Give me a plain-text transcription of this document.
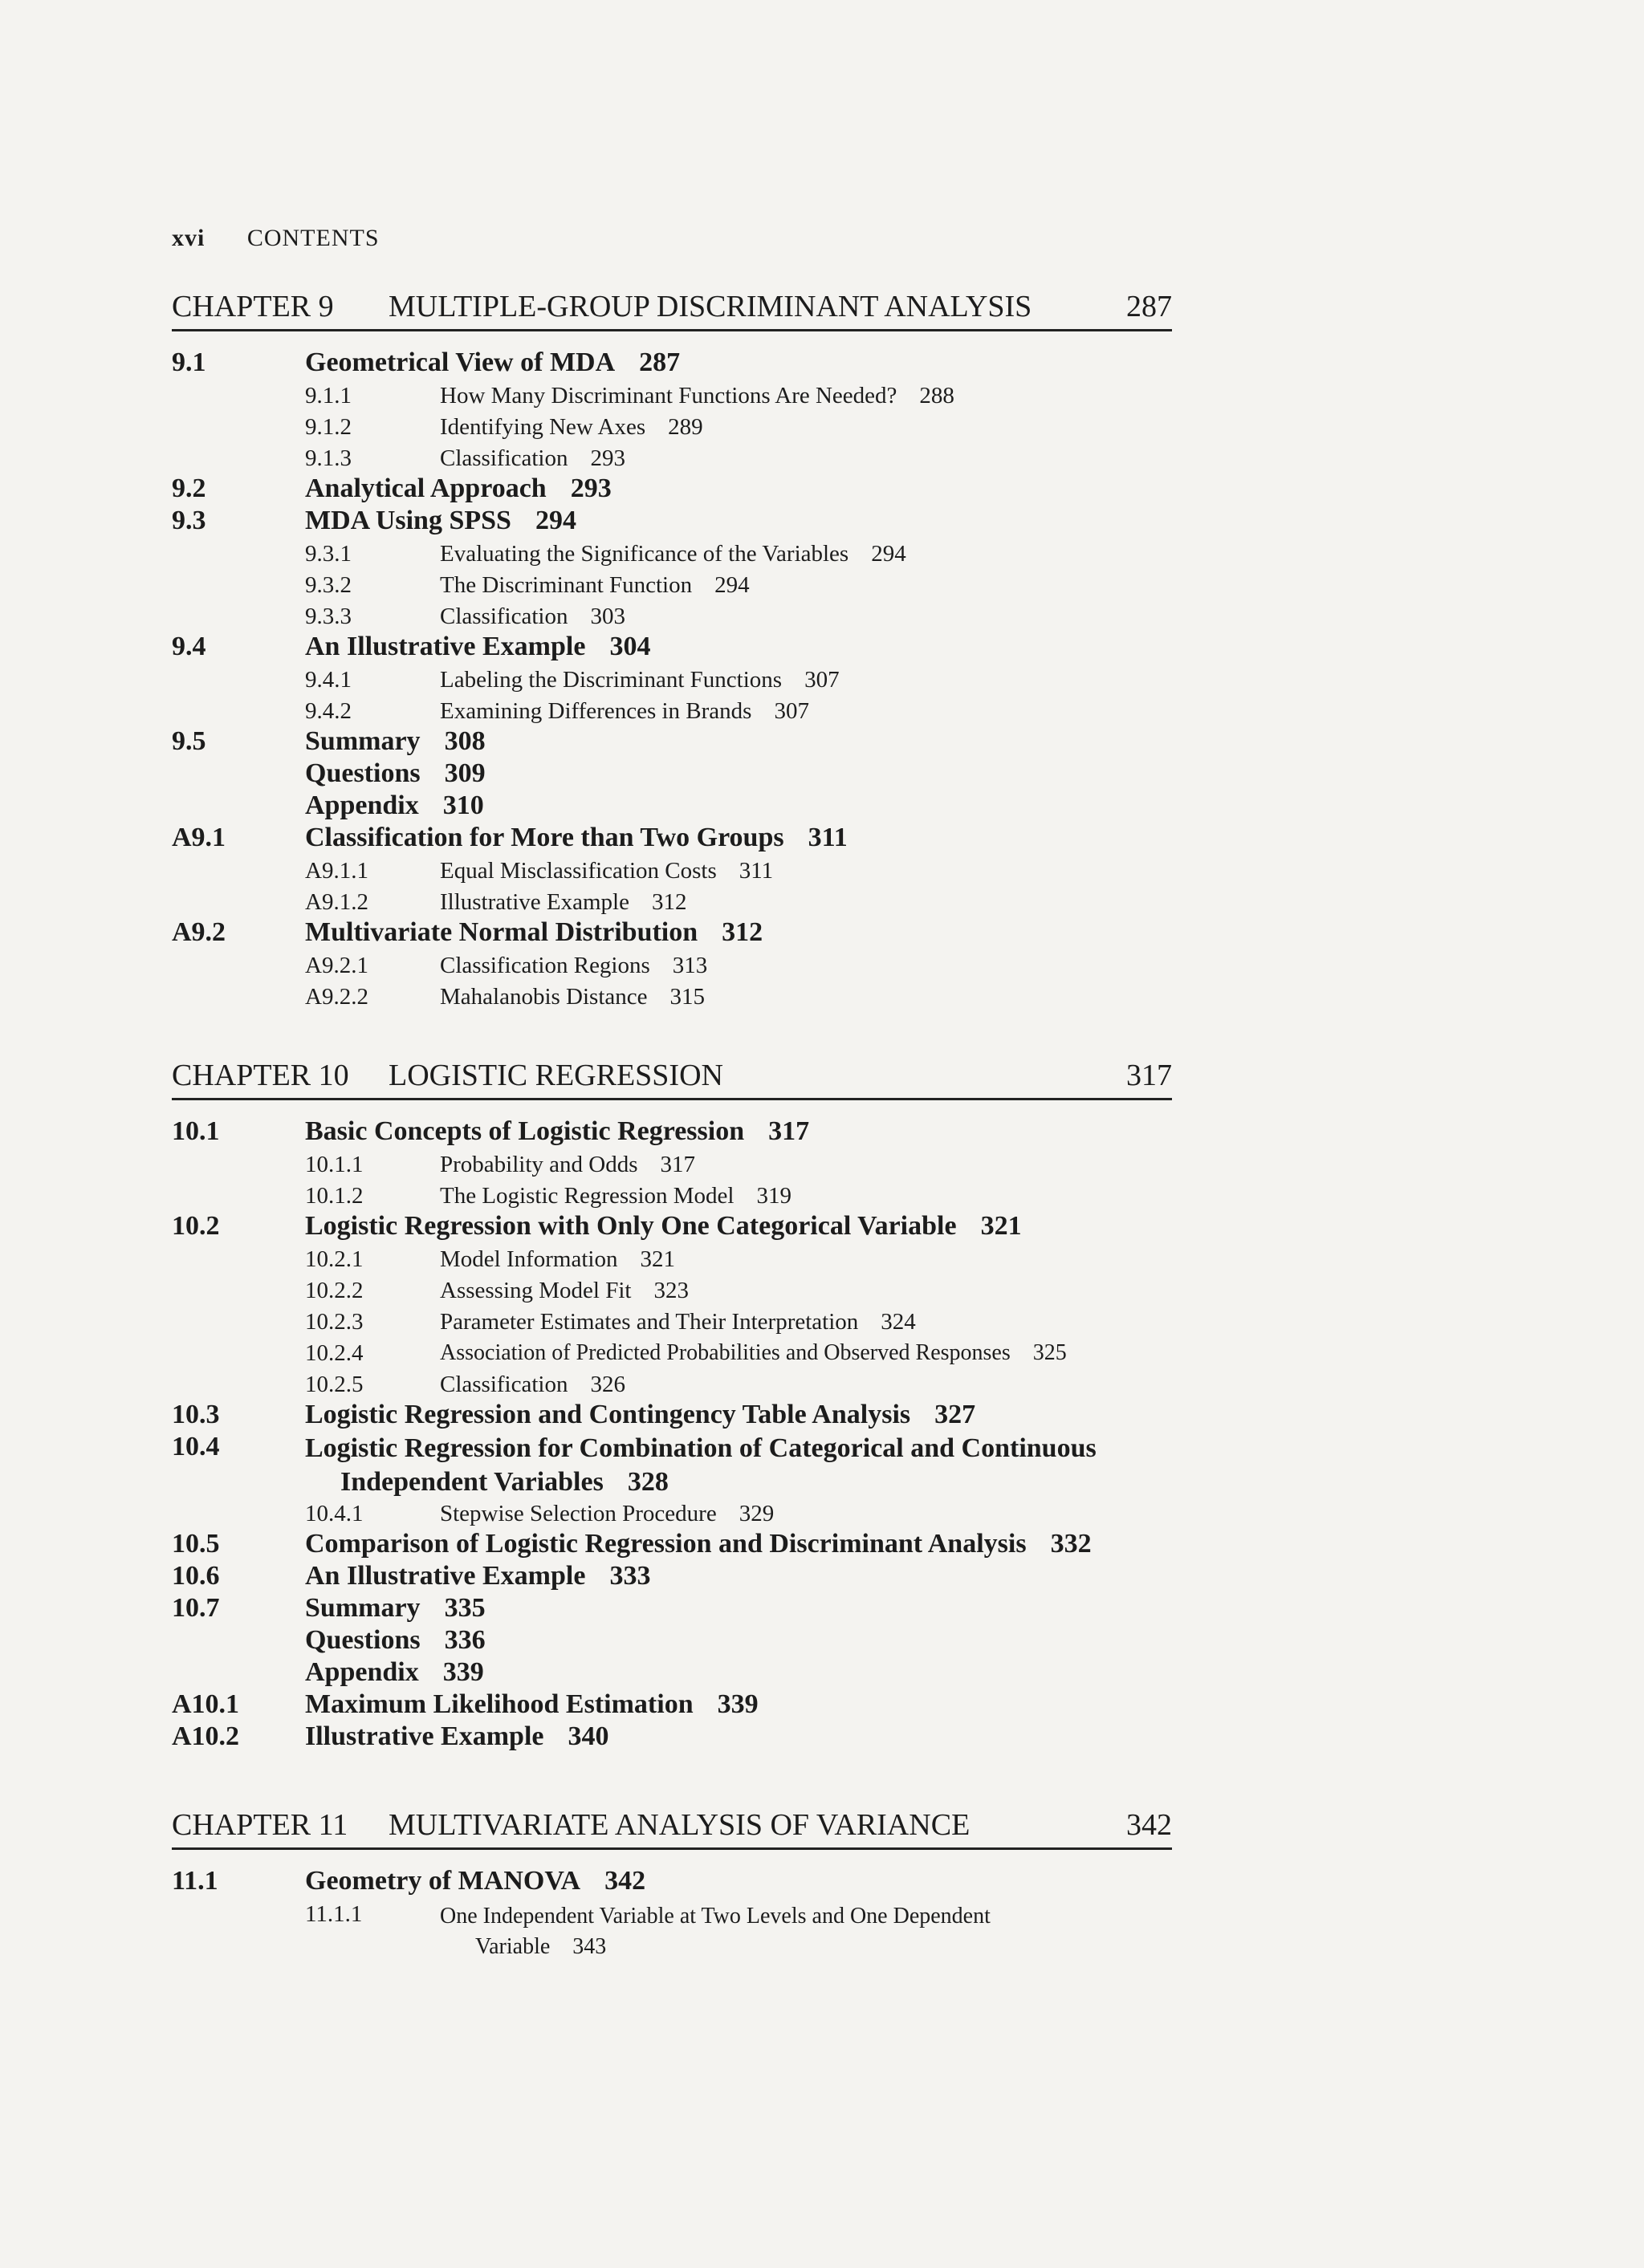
xvi CONTENTS
CHAPTER 9 MULTIPLE-GROUP DISCRIMINANT ANALYSIS	287
9.1	Geometrical View of MDA 287
9.1.1	How Many Discriminant Functions Are Needed? 288
9.1.2	Identifying New Axes 289
9.1.3	Classification 293
9.2	Analytical Approach 293
9.3	MDA Using SPSS 294
9.3.1	Evaluating the Significance of the Variables 294
9.3.2	The Discriminant Function 294
9.3.3	Classification 303
9.4	An Illustrative Example 304
9.4.1	Labeling the Discriminant Functions 307
9.4.2	Examining Differences in Brands 307
9.5	Summary 308
Questions 309
Appendix 310
A9.1	Classification for More than Two Groups 311
A9.1.1	Equal Misclassification Costs 311
A9.1.2	Illustrative Example 312
A9.2	Multivariate Normal Distribution 312
A9.2.1	Classification Regions 313
A9.2.2	Mahalanobis Distance 315
CHAPTER 10 LOGISTIC REGRESSION	317
10.1	Basic Concepts of Logistic Regression 317
10.1.1	Probability and Odds 317
10.1.2	The Logistic Regression Model 319
10.2	Logistic Regression with Only One Categorical Variable 321
10.2.1	Model Information 321
10.2.2	Assessing Model Fit 323
10.2.3	Parameter Estimates and Their Interpretation 324
10.2.4	Association of Predicted Probabilities and Observed Responses 325
10.2.5	Classification 326
10.3	Logistic Regression and Contingency Table Analysis 327
10.4	Logistic Regression for Combination of Categorical and Continuous
Independent Variables 328
10.4.1	Stepwise Selection Procedure 329
10.5	Comparison of Logistic Regression and Discriminant Analysis 332
10.6	An Illustrative Example 333
10.7	Summary 335
Questions 336
Appendix 339
A10.1 Maximum Likelihood Estimation 339
A10.2 Illustrative Example 340
CHAPTER 11 MULTIVARIATE ANALYSIS OF VARIANCE	342
11.1	Geometry of MANOVA 342
11.1.1	One Independent Variable at Two Levels and One Dependent
Variable 343
